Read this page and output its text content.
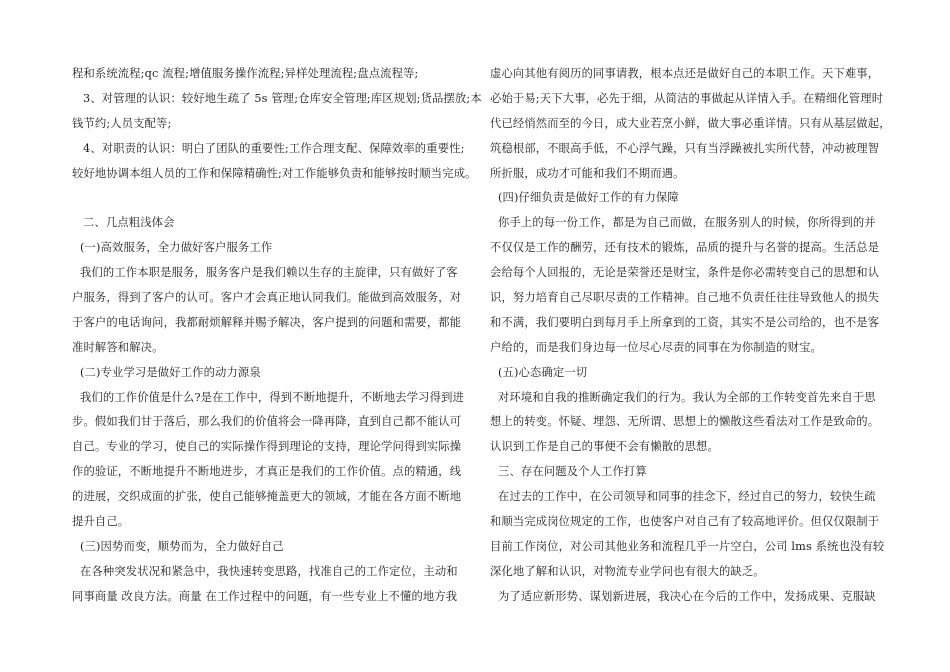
程和系统流程;qc 流程;增值服务操作流程;异样处理流程;盘点流程等;
3、对管理的认识：较好地生疏了 5s 管理;仓库安全管理;库区规划;货品摆放;本
钱节约;人员支配等;
4、对职责的认识：明白了团队的重要性;工作合理支配、保障效率的重要性;
较好地协调本组人员的工作和保障精确性;对工作能够负责和能够按时顺当完成。
二、几点粗浅体会
(一)高效服务，全力做好客户服务工作
我们的工作本职是服务，服务客户是我们赖以生存的主旋律，只有做好了客
户服务，得到了客户的认可。客户才会真正地认同我们。能做到高效服务，对
于客户的电话询问，我都耐烦解释并赐予解决，客户提到的问题和需要，都能
准时解答和解决。
(二)专业学习是做好工作的动力源泉
我们的工作价值是什么?是在工作中，得到不断地提升，不断地去学习得到进
步。假如我们甘于落后，那么我们的价值将会一降再降，直到自己都不能认可
自己。专业的学习，使自己的实际操作得到理论的支持，理论学问得到实际操
作的验证，不断地提升不断地进步，才真正是我们的工作价值。点的精通，线
的进展，交织成面的扩张，使自己能够掩盖更大的领域，才能在各方面不断地
提升自己。
(三)因势而变，顺势而为，全力做好自己
在各种突发状况和紧急中，我快速转变思路，找准自己的工作定位，主动和
同事商量 改良方法。商量 在工作过程中的问题，有一些专业上不懂的地方我
虚心向其他有阅历的同事请教，根本点还是做好自己的本职工作。天下难事，
必始于易;天下大事，必先于细，从简洁的事做起从详情入手。在精细化管理时
代已经悄然而至的今日，成大业若烹小鲜，做大事必重详情。只有从基层做起，
筑稳根部，不眼高手低，不心浮气躁，只有当浮躁被扎实所代替，冲动被理智
所折服，成功才可能和我们不期而遇。
(四)仔细负责是做好工作的有力保障
你手上的每一份工作，都是为自己而做，在服务别人的时候，你所得到的并
不仅仅是工作的酬劳，还有技术的锻炼，品质的提升与名誉的提高。生活总是
会给每个人回报的，无论是荣誉还是财宝，条件是你必需转变自己的思想和认
识，努力培育自己尽职尽责的工作精神。自己地不负责任往往导致他人的损失
和不满，我们要明白到每月手上所拿到的工资，其实不是公司给的，也不是客
户给的，而是我们身边每一位尽心尽责的同事在为你制造的财宝。
(五)心态确定一切
对环境和自我的推断确定我们的行为。我认为全部的工作转变首先来自于思
想上的转变。怀疑、埋怨、无所谓、思想上的懒散这些看法对工作是致命的。
认识到工作是自己的事便不会有懒散的思想。
三、存在问题及个人工作打算
在过去的工作中，在公司领导和同事的挂念下，经过自己的努力，较快生疏
和顺当完成岗位规定的工作，也使客户对自己有了较高地评价。但仅仅限制于
目前工作岗位，对公司其他业务和流程几乎一片空白，公司 lms 系统也没有较
深化地了解和认识，对物流专业学问也有很大的缺乏。
为了适应新形势、谋划新进展，我决心在今后的工作中，发扬成果、克服缺
